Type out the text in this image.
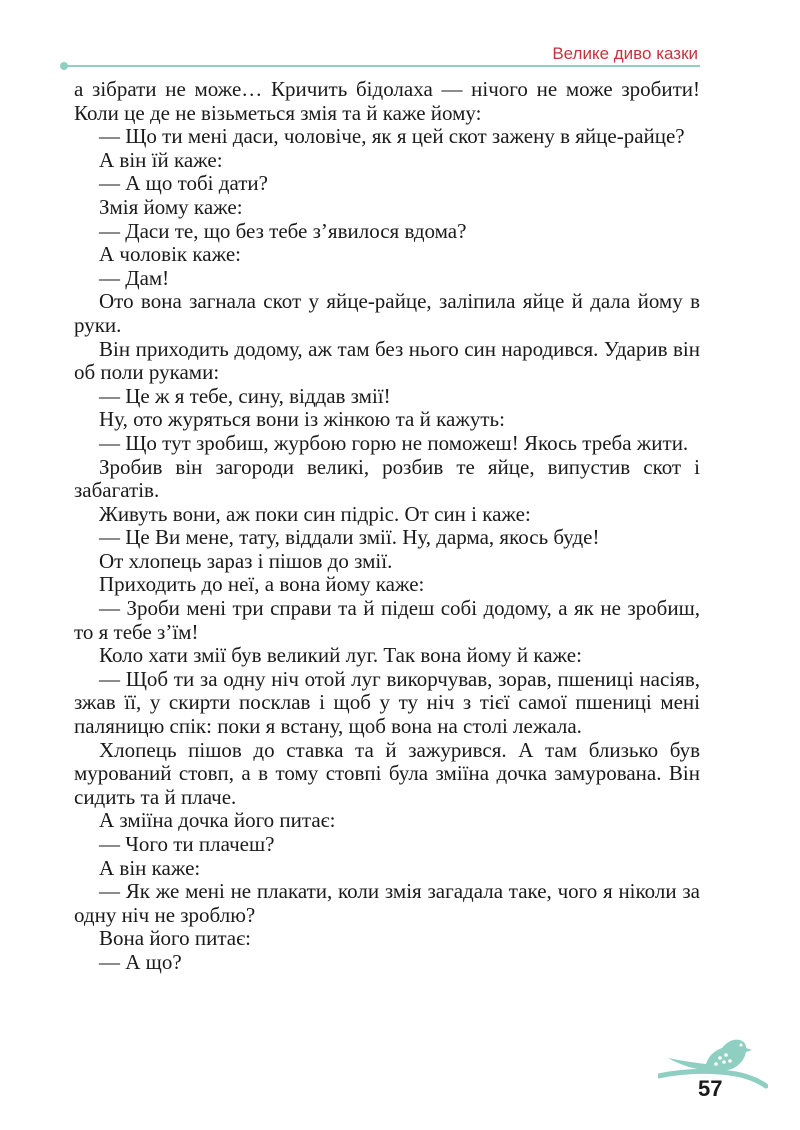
Велике диво казки

а зібрати не може… Кричить бідолаха — нічого не може зробити! Коли це де не візьметься змія та й каже йому:

— Що ти мені даси, чоловіче, як я цей скот зажену в яйце-райце?

А він їй каже:

— А що тобі дати?

Змія йому каже:

— Даси те, що без тебе з’явилося вдома?

А чоловік каже:

— Дам!

Ото вона загнала скот у яйце-райце, заліпила яйце й дала йому в руки.

Він приходить додому, аж там без нього син народився. Ударив він об поли руками:

— Це ж я тебе, сину, віддав змії!

Ну, ото журяться вони із жінкою та й кажуть:

— Що тут зробиш, журбою горю не поможеш! Якось треба жити.

Зробив він загороди великі, розбив те яйце, випустив скот і забагатів.

Живуть вони, аж поки син підріс. От син і каже:

— Це Ви мене, тату, віддали змії. Ну, дарма, якось буде!

От хлопець зараз і пішов до змії.

Приходить до неї, а вона йому каже:

— Зроби мені три справи та й підеш собі додому, а як не зробиш, то я тебе з’їм!

Коло хати змії був великий луг. Так вона йому й каже:

— Щоб ти за одну ніч отой луг викорчував, зорав, пшениці насіяв, зжав її, у скирти посклав і щоб у ту ніч з тієї самої пшениці мені паляницю спік: поки я встану, щоб вона на столі лежала.

Хлопець пішов до ставка та й зажурився. А там близько був мурований стовп, а в тому стовпі була зміїна дочка замурована. Він сидить та й плаче.

А зміїна дочка його питає:

— Чого ти плачеш?

А він каже:

— Як же мені не плакати, коли змія загадала таке, чого я ніколи за одну ніч не зроблю?

Вона його питає:

— А що?

57
